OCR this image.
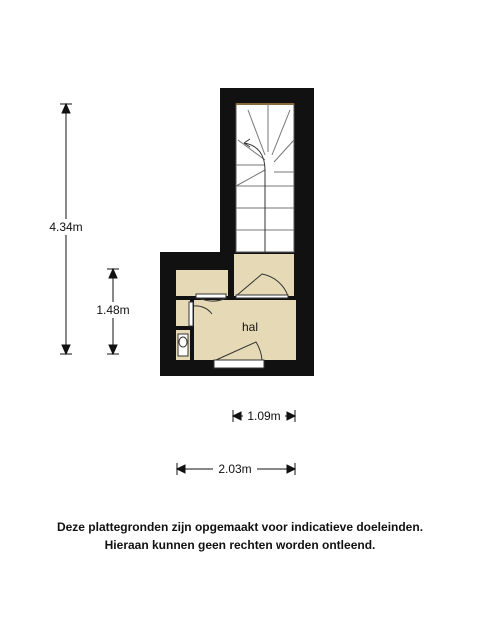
hal
4.34m
1.48m
1.09m
2.03m
Deze plattegronden zijn opgemaakt voor indicatieve doeleinden.
Hieraan kunnen geen rechten worden ontleend.
